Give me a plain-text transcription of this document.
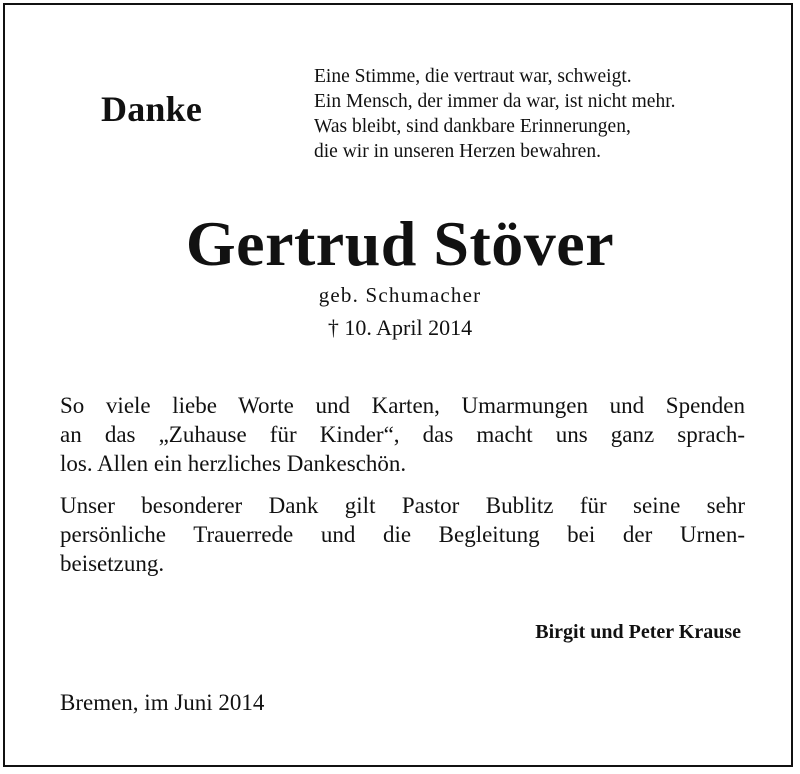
Danke
Eine Stimme, die vertraut war, schweigt.
Ein Mensch, der immer da war, ist nicht mehr.
Was bleibt, sind dankbare Erinnerungen,
die wir in unseren Herzen bewahren.
Gertrud Stöver
geb. Schumacher
† 10. April 2014
So viele liebe Worte und Karten, Umarmungen und Spenden
an das „Zuhause für Kinder“, das macht uns ganz sprach-
los. Allen ein herzliches Dankeschön.
Unser besonderer Dank gilt Pastor Bublitz für seine sehr
persönliche Trauerrede und die Begleitung bei der Urnen-
beisetzung.
Birgit und Peter Krause
Bremen, im Juni 2014
